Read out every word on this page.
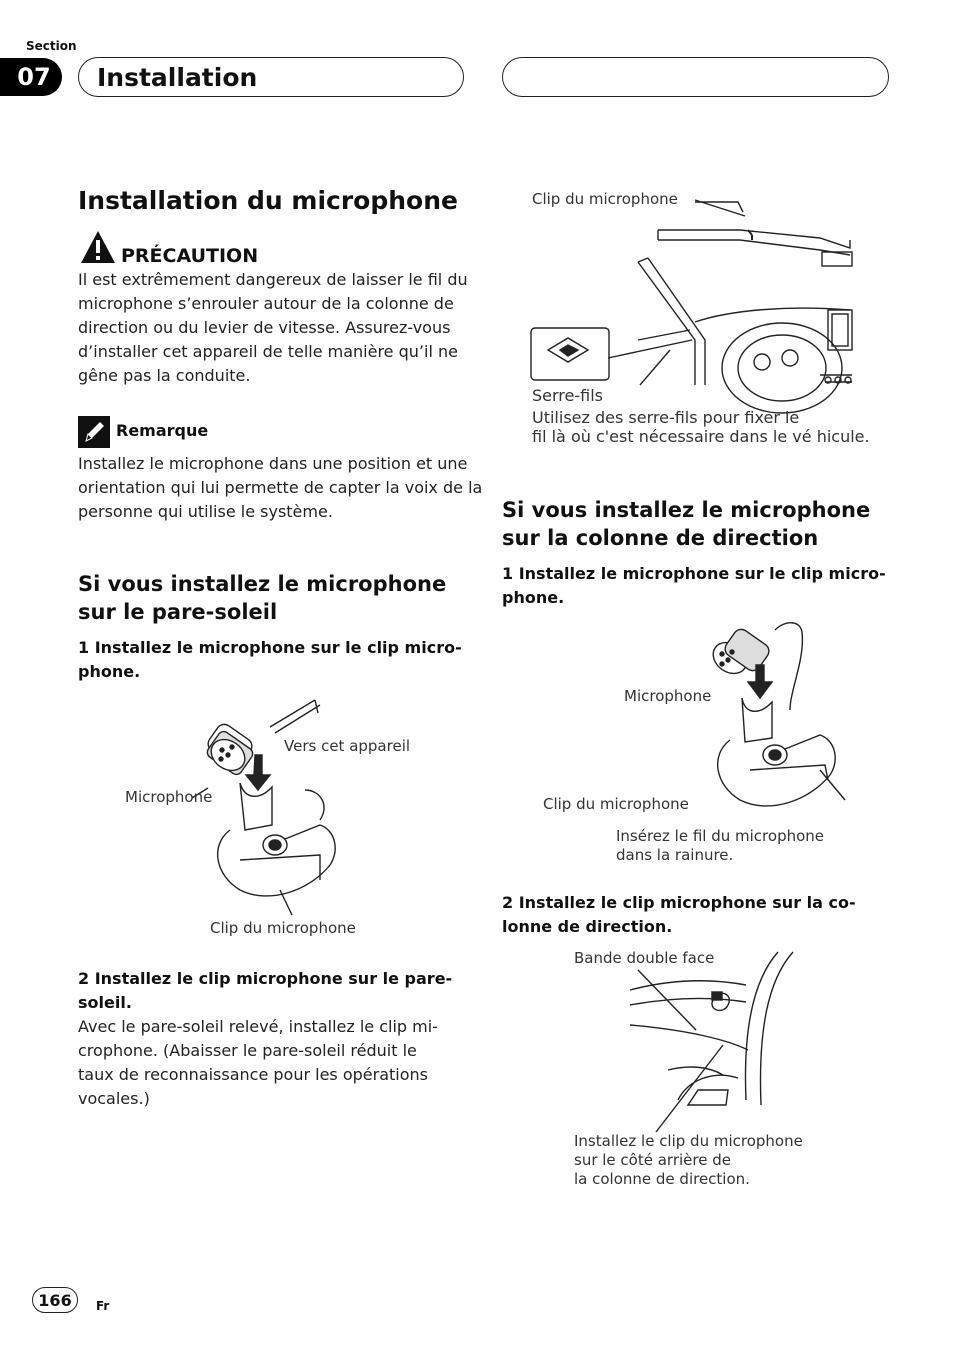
Section
07	Installation
Installation du microphone
PRÉCAUTION
Il est extrêmement dangereux de laisser le fil du
microphone s’enrouler autour de la colonne de
direction ou du levier de vitesse. Assurez-vous
d’installer cet appareil de telle manière qu’il ne
gêne pas la conduite.
Remarque
Installez le microphone dans une position et une
orientation qui lui permette de capter la voix de la
personne qui utilise le système.
Si vous installez le microphone
sur le pare-soleil
1 Installez le microphone sur le clip micro-
phone.
Vers cet appareil
Microphone
Clip du microphone
2 Installez le clip microphone sur le pare-
soleil.
Avec le pare-soleil relevé, installez le clip mi-
crophone. (Abaisser le pare-soleil réduit le
taux de reconnaissance pour les opérations
vocales.)
Clip du microphone
Serre-fils
Utilisez des serre-fils pour fixer le
fil là où c'est nécessaire dans le vé hicule.
Si vous installez le microphone
sur la colonne de direction
1 Installez le microphone sur le clip micro-
phone.
Microphone
Clip du microphone
Insérez le fil du microphone
dans la rainure.
2 Installez le clip microphone sur la co-
lonne de direction.
Bande double face
Installez le clip du microphone
sur le côté arrière de
la colonne de direction.
166	Fr
